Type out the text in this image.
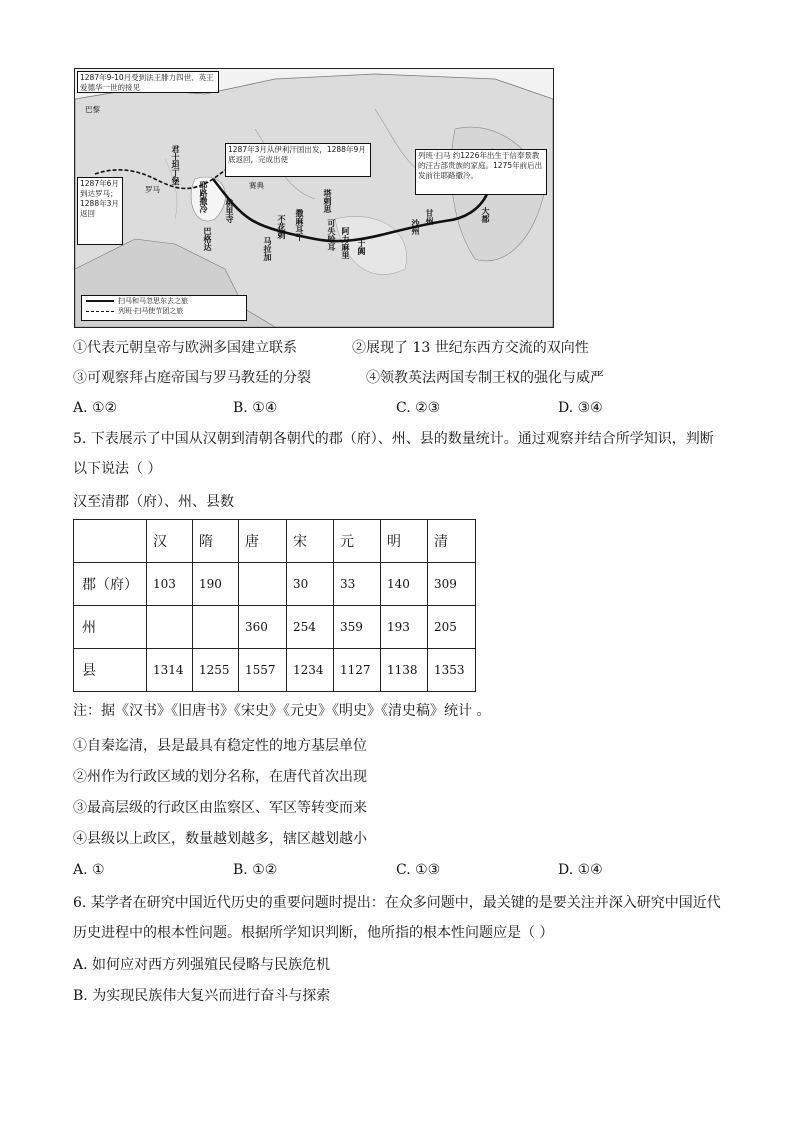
1287年9-10月受到法王腓力四世、英王爱德华一世的接见
1287年6月到达罗马；1288年3月返回
1287年3月从伊利汗国出发，1288年9月底返回，完成出使	列班·扫马 约1226年出生于信奉景教的汪古部贵族的家庭。1275年前后出发前往耶路撒冷。
巴黎
罗马
君士坦丁堡
耶路撒冷 桃里寺
巴格达	马拉加
不花剌 撒麻耳干	可失哈耳	于阗
沙州
甘州	大都
塔剌思
阿力麻里
赛典
扫马和马忽思东去之旅
列班·扫马使节团之旅
①代表元朝皇帝与欧洲多国建立联系	②展现了 13 世纪东西方交流的双向性
③可观察拜占庭帝国与罗马教廷的分裂	④领教英法两国专制王权的强化与威严
A. ①②	B. ①④	C. ②③	D. ③④
5. 下表展示了中国从汉朝到清朝各朝代的郡（府）、州、县的数量统计。通过观察并结合所学知识，判断
以下说法（ ）
汉至清郡（府）、州、县数
	汉	隋	唐	宋	元	明	清
郡（府）	103	190		30	33	140	309
州			360	254	359	193	205
县	1314	1255	1557	1234	1127	1138	1353
注：据《汉书》《旧唐书》《宋史》《元史》《明史》《清史稿》统计 。
①自秦迄清，县是最具有稳定性的地方基层单位
②州作为行政区域的划分名称，在唐代首次出现
③最高层级的行政区由监察区、军区等转变而来
④县级以上政区，数量越划越多，辖区越划越小
A. ①	B. ①②	C. ①③	D. ①④
6. 某学者在研究中国近代历史的重要问题时提出：在众多问题中，最关键的是要关注并深入研究中国近代
历史进程中的根本性问题。根据所学知识判断，他所指的根本性问题应是（ ）
A. 如何应对西方列强殖民侵略与民族危机
B. 为实现民族伟大复兴而进行奋斗与探索
